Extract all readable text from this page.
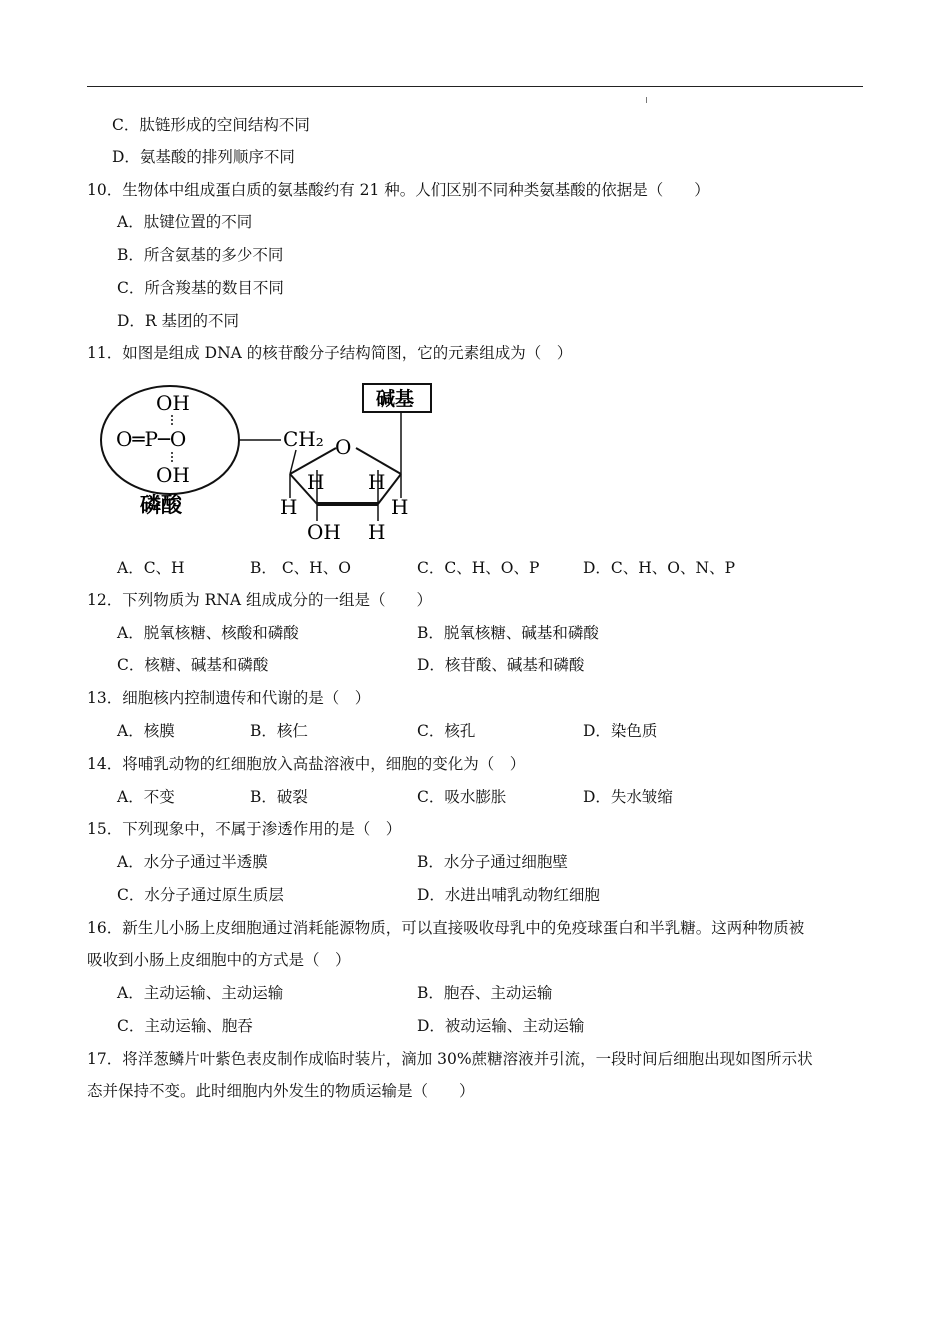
C．肽链形成的空间结构不同
D．氨基酸的排列顺序不同
10．生物体中组成蛋白质的氨基酸约有 21 种。人们区别不同种类氨基酸的依据是（　　）
A．肽键位置的不同
B．所含氨基的多少不同
C．所含羧基的数目不同
D．R 基团的不同
11．如图是组成 DNA 的核苷酸分子结构简图，它的元素组成为（　）
OH
O═P─O
OH
磷酸
CH₂
碱基
O
H H
H	H
OH H
A．C、H	B． C、H、O	C．C、H、O、P	D．C、H、O、N、P
12．下列物质为 RNA 组成成分的一组是（　　）
A．脱氧核糖、核酸和磷酸	B．脱氧核糖、碱基和磷酸
C．核糖、碱基和磷酸	D．核苷酸、碱基和磷酸
13．细胞核内控制遗传和代谢的是（　）
A．核膜	B．核仁	C．核孔	D．染色质
14．将哺乳动物的红细胞放入高盐溶液中，细胞的变化为（　）
A．不变	B．破裂	C．吸水膨胀	D．失水皱缩
15．下列现象中，不属于渗透作用的是（　）
A．水分子通过半透膜	B．水分子通过细胞壁
C．水分子通过原生质层	D．水进出哺乳动物红细胞
16．新生儿小肠上皮细胞通过消耗能源物质，可以直接吸收母乳中的免疫球蛋白和半乳糖。这两种物质被
吸收到小肠上皮细胞中的方式是（　）
A．主动运输、主动运输	B．胞吞、主动运输
C．主动运输、胞吞	D．被动运输、主动运输
17．将洋葱鳞片叶紫色表皮制作成临时装片，滴加 30%蔗糖溶液并引流，一段时间后细胞出现如图所示状
态并保持不变。此时细胞内外发生的物质运输是（　　）
